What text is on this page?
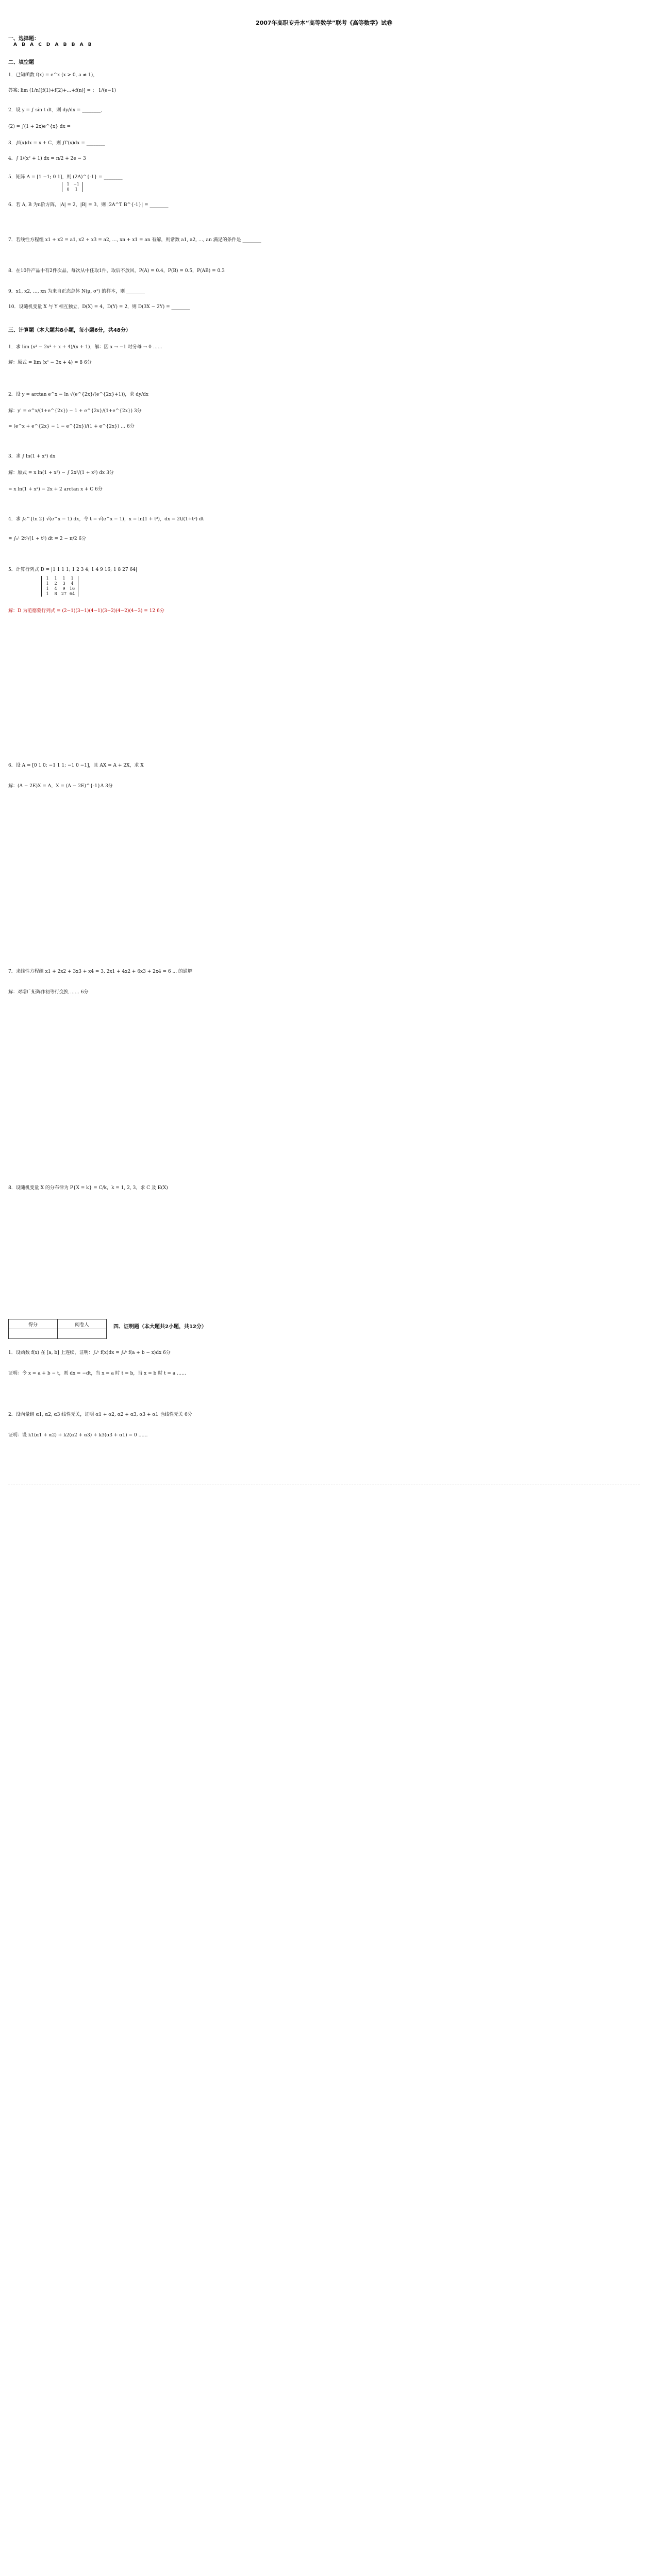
2007年高职专升本“高等数学”联考《高等数学》试卷
一、选择题：
A B A C D A B B A B
二、填空题
1．已知函数 f(x) = e^x (x > 0, a ≠ 1)，
答案: lim (1/n)[f(1)+f(2)+…+f(n)] = ； 1/(e−1)
2．设 y = ∫ sin t dt，则 dy/dx = ________，
(2) = ∫(1 + 2x)e^{x} dx =
3．∫f(x)dx = x + C，则 ∫f'(x)dx = ________
4．∫ 1/(x² + 1) dx = π/2 + 2e − 3
5．矩阵 A = [1 −1; 0 1]，则 (2A)^{-1} = ________
1 −1
0 1
6．若 A, B 为n阶方阵，|A| = 2，|B| = 3，则 |2A^T B^{-1}| = ________
7．若线性方程组 x1 + x2 = a1, x2 + x3 = a2, …, xn + x1 = an 有解，则常数 a1, a2, …, an 满足的条件是 ________
8．在10件产品中有2件次品，每次从中任取1件，取后不放回，P(A) = 0.4，P(B) = 0.5，P(AB) = 0.3
9．x1, x2, …, xn 为来自正态总体 N(μ, σ²) 的样本，则 ________
10．设随机变量 X 与 Y 相互独立，D(X) = 4，D(Y) = 2，则 D(3X − 2Y) = ________
三、计算题（本大题共8小题，每小题6分，共48分）
1．求 lim (x³ − 2x² + x + 4)/(x + 1)，解：因 x → −1 时分母 → 0 ……
解：原式 = lim (x² − 3x + 4) = 8 6分
2．设 y = arctan e^x − ln √(e^{2x}/(e^{2x}+1))，求 dy/dx
解：y' = e^x/(1+e^{2x}) − 1 + e^{2x}/(1+e^{2x}) 3分
= (e^x + e^{2x} − 1 − e^{2x})/(1 + e^{2x}) … 6分
3．求 ∫ ln(1 + x²) dx
解：原式 = x ln(1 + x²) − ∫ 2x²/(1 + x²) dx 3分
= x ln(1 + x²) − 2x + 2 arctan x + C 6分
4．求 ∫₀^{ln 2} √(e^x − 1) dx，令 t = √(e^x − 1)，x = ln(1 + t²)，dx = 2t/(1+t²) dt
= ∫₀¹ 2t²/(1 + t²) dt = 2 − π/2 6分
5．计算行列式 D = |1 1 1 1; 1 2 3 4; 1 4 9 16; 1 8 27 64|
1 1 1 1
1 2 3 4
1 4 9 16
1 8 27 64
解：D 为范德蒙行列式 = (2−1)(3−1)(4−1)(3−2)(4−2)(4−3) = 12 6分
6．设 A = [0 1 0; −1 1 1; −1 0 −1]，且 AX = A + 2X，求 X
解：(A − 2E)X = A，X = (A − 2E)^{-1}A 3分
7．求线性方程组 x1 + 2x2 + 3x3 + x4 = 3, 2x1 + 4x2 + 6x3 + 2x4 = 6 ... 的通解
解：对增广矩阵作初等行变换 …… 6分
8．设随机变量 X 的分布律为 P{X = k} = C/k，k = 1, 2, 3，求 C 及 E(X)
得分	阅卷人
		四、证明题（本大题共2小题，共12分）
1．设函数 f(x) 在 [a, b] 上连续，证明：∫ₐᵇ f(x)dx = ∫ₐᵇ f(a + b − x)dx 6分
证明：令 x = a + b − t，则 dx = −dt，当 x = a 时 t = b，当 x = b 时 t = a ……
2．设向量组 α1, α2, α3 线性无关，证明 α1 + α2, α2 + α3, α3 + α1 也线性无关 6分
证明：设 k1(α1 + α2) + k2(α2 + α3) + k3(α3 + α1) = 0 ……
